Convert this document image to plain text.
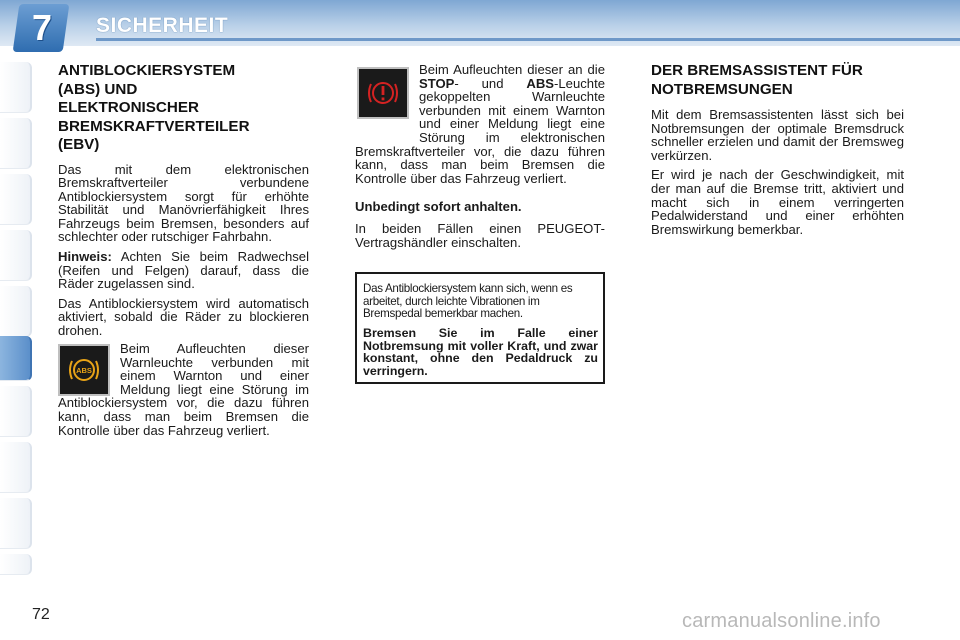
7	SICHERHEIT
ANTIBLOCKIERSYSTEM
(ABS) UND
ELEKTRONISCHER
BREMSKRAFTVERTEILER
(EBV)

Das mit dem elektronischen Bremskraftverteiler verbundene Antiblockiersystem sorgt für erhöhte Stabilität und Manövrierfähigkeit Ihres Fahrzeugs beim Bremsen, besonders auf schlechter oder rutschiger Fahrbahn.

Hinweis: Achten Sie beim Radwechsel (Reifen und Felgen) darauf, dass die Räder zugelassen sind.

Das Antiblockiersystem wird automatisch aktiviert, sobald die Räder zu blockieren drohen.

ABS

Beim Aufleuchten dieser Warnleuchte verbunden mit einem Warnton und einer Meldung liegt eine Störung im Antiblockiersystem vor, die dazu führen kann, dass man beim Bremsen die Kontrolle über das Fahrzeug verliert.

Beim Aufleuchten dieser an die STOP- und ABS-Leuchte gekoppelten Warnleuchte verbunden mit einem Warnton und einer Meldung liegt eine Störung im elektronischen Bremskraftverteiler vor, die dazu führen kann, dass man beim Bremsen die Kontrolle über das Fahrzeug verliert.

Unbedingt sofort anhalten.

In beiden Fällen einen PEUGEOT-Vertragshändler einschalten.

Das Antiblockiersystem kann sich, wenn es arbeitet, durch leichte Vibrationen im Bremspedal bemerkbar machen.

Bremsen Sie im Falle einer Notbremsung mit voller Kraft, und zwar konstant, ohne den Pedaldruck zu verringern.

DER BREMSASSISTENT FÜR
NOTBREMSUNGEN

Mit dem Bremsassistenten lässt sich bei Notbremsungen der optimale Bremsdruck schneller erzielen und damit der Bremsweg verkürzen.

Er wird je nach der Geschwindigkeit, mit der man auf die Bremse tritt, aktiviert und macht sich in einem verringerten Pedalwiderstand und einer erhöhten Bremswirkung bemerkbar.

72	carmanualsonline.info
